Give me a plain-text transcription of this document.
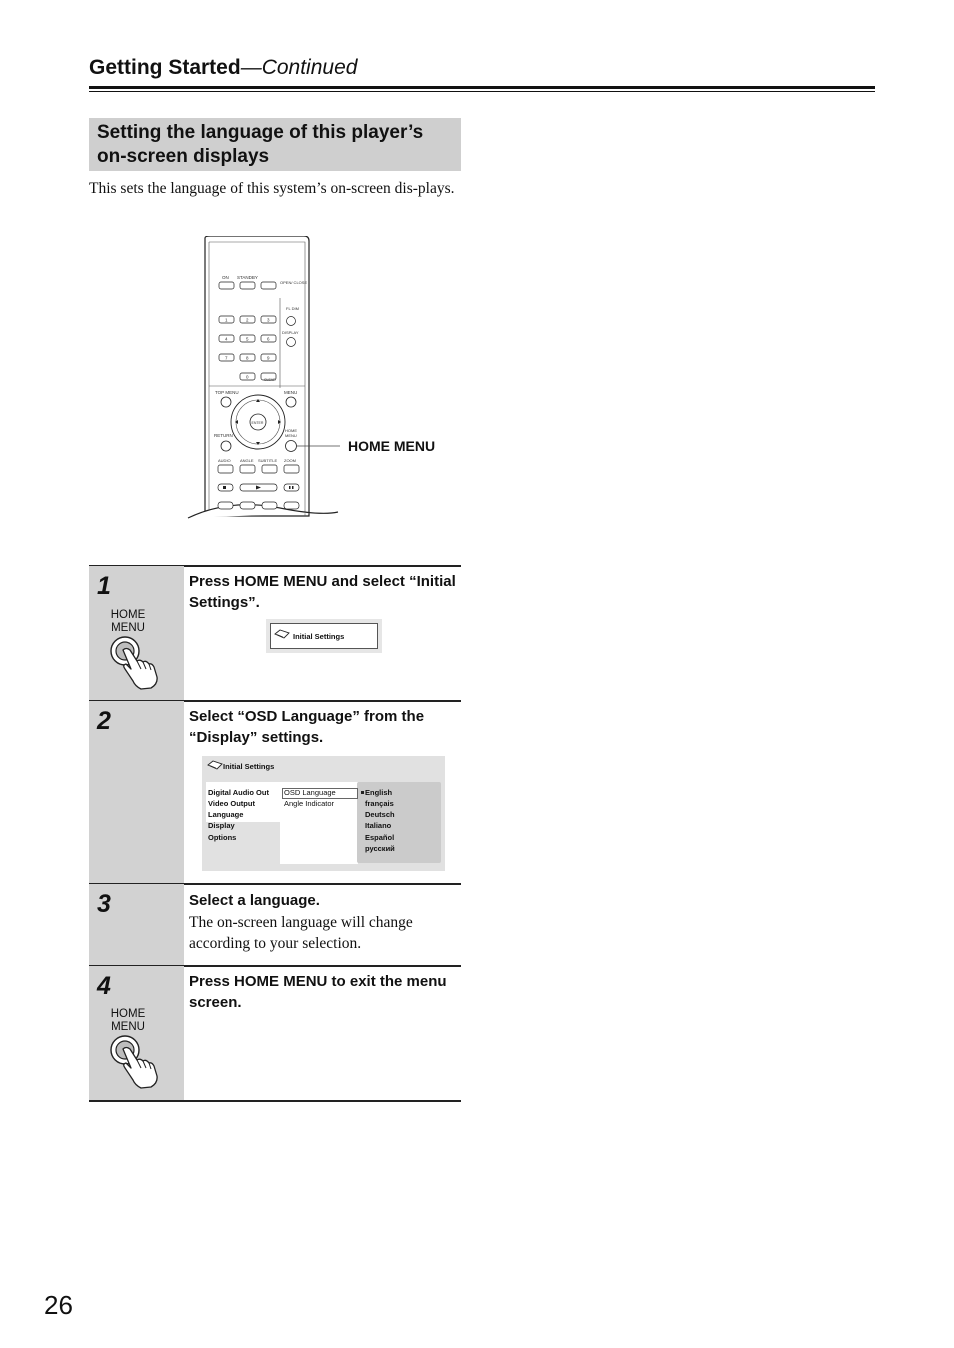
Getting Started—Continued
Setting the language of this player’s on-screen displays
This sets the language of this system’s on-screen dis-plays.
ON STANDBY
OPEN/ CLOSE
FL DIM
DISPLAY
1	2	3
4	5	6
7	8	9
0
CLEAR
TOP MENU	MENU
ENTER
RETURN
HOME
MENU
AUDIO ANGLE SUBTITLE ZOOM
HOME MENU
1
HOME MENU
Press HOME MENU and select “Initial Settings”.
Initial Settings
2	Select “OSD Language” from the “Display” settings.
Initial Settings
Digital Audio Out
Video Output
Language
Display
Options
OSD Language
Angle Indicator
English
français
Deutsch
Italiano
Español
русский
3	Select a language.
The on-screen language will change according to your selection.
4
HOME MENU
Press HOME MENU to exit the menu screen.
26
